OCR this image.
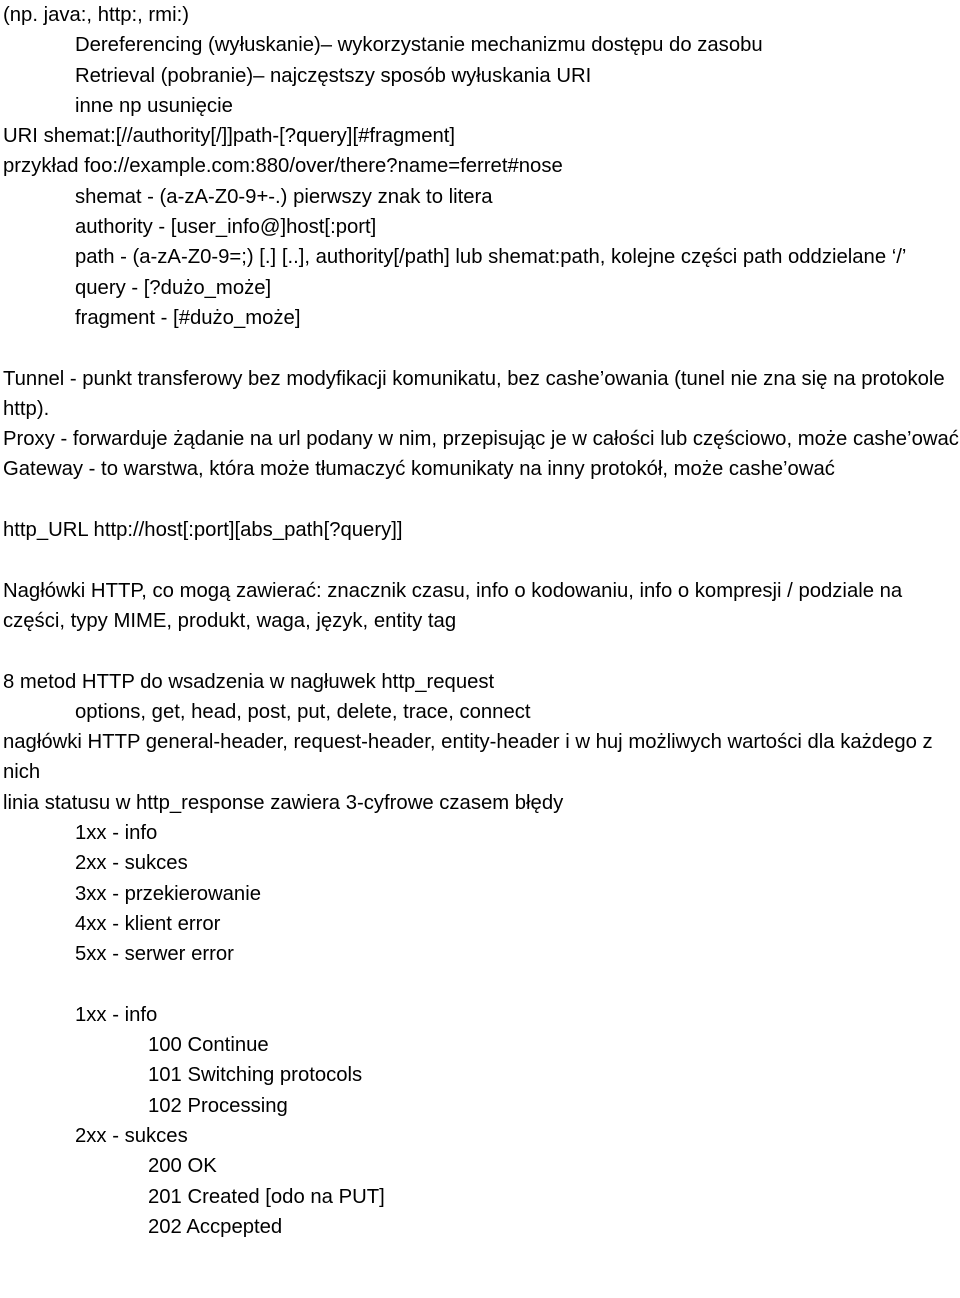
(np. java:, http:, rmi:)
Dereferencing (wyłuskanie)– wykorzystanie mechanizmu dostępu do zasobu
Retrieval (pobranie)– najczęstszy sposób wyłuskania URI
inne np usunięcie
URI shemat:[//authority[/]]path-[?query][#fragment]
przykład foo://example.com:880/over/there?name=ferret#nose
shemat - (a-zA-Z0-9+-.) pierwszy znak to litera
authority - [user_info@]host[:port]
path - (a-zA-Z0-9=;) [.] [..], authority[/path] lub shemat:path, kolejne części path oddzielane ‘/’
query - [?dużo_może]
fragment - [#dużo_może]
Tunnel - punkt transferowy bez modyfikacji komunikatu, bez cashe’owania (tunel nie zna się na protokole http).
Proxy - forwarduje żądanie na url podany w nim, przepisując je w całości lub częściowo, może cashe’ować
Gateway - to warstwa, która może tłumaczyć komunikaty na inny protokół, może cashe’ować
http_URL http://host[:port][abs_path[?query]]
Nagłówki HTTP, co mogą zawierać: znacznik czasu, info o kodowaniu, info o kompresji / podziale na części, typy MIME, produkt, waga, język, entity tag
8 metod HTTP do wsadzenia w nagłuwek http_request
options, get, head, post, put, delete, trace, connect
nagłówki HTTP general-header, request-header, entity-header i w huj możliwych wartości dla każdego z nich
linia statusu w http_response zawiera 3-cyfrowe czasem błędy
1xx - info
2xx - sukces
3xx - przekierowanie
4xx - klient error
5xx - serwer error
1xx - info
100 Continue
101 Switching protocols
102 Processing
2xx - sukces
200 OK
201 Created [odo na PUT]
202 Accpepted
